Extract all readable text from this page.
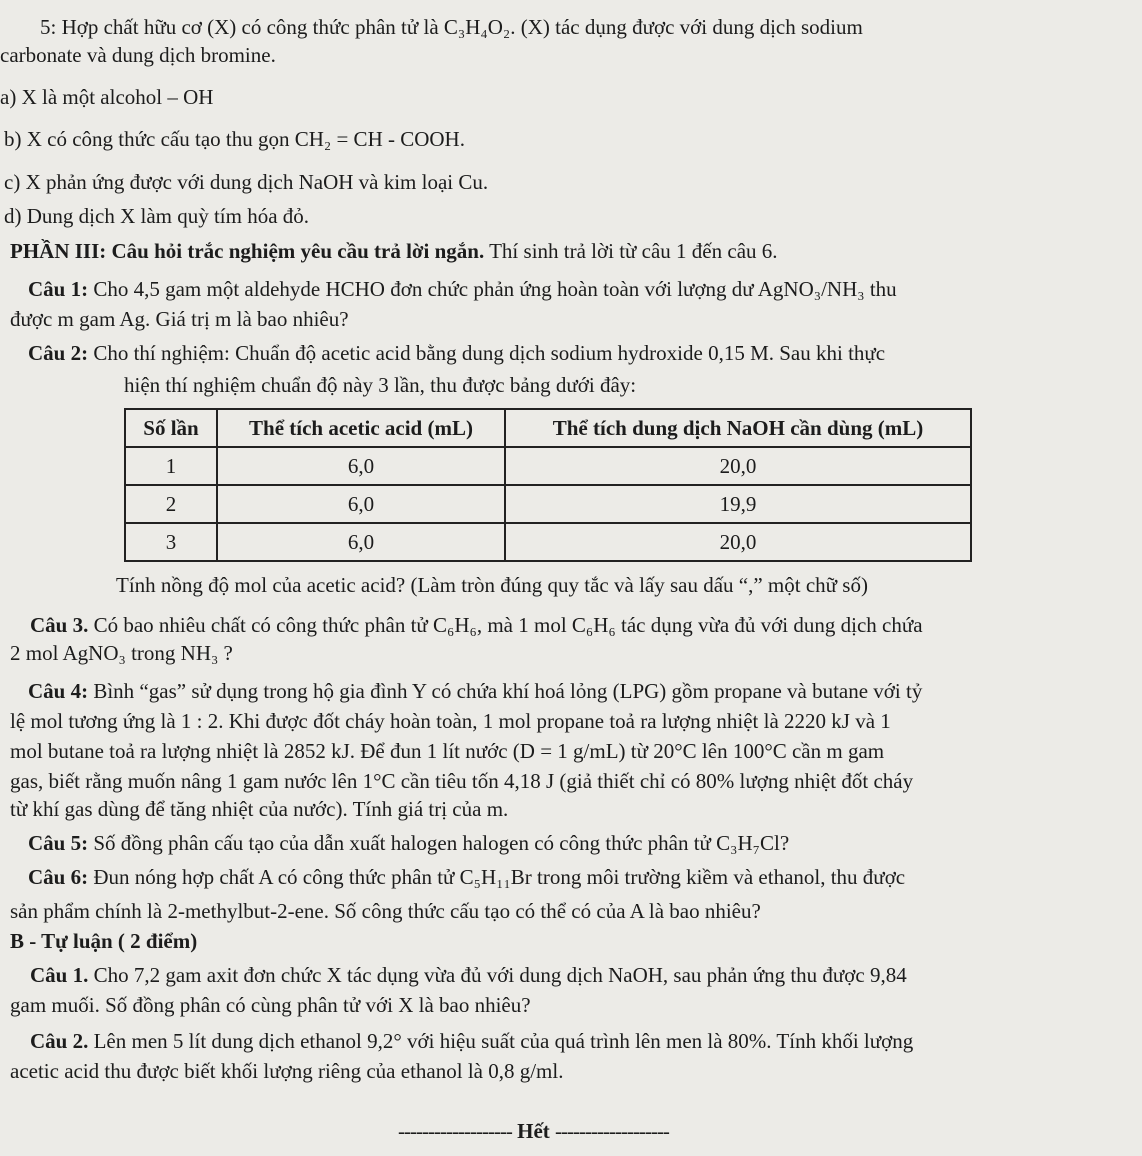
5: Hợp chất hữu cơ (X) có công thức phân tử là C₃H₄O₂. (X) tác dụng được với dung dịch sodium
carbonate và dung dịch bromine.
a) X là một alcohol – OH
b) X có công thức cấu tạo thu gọn CH₂ = CH - COOH.
c) X phản ứng được với dung dịch NaOH và kim loại Cu.
d) Dung dịch X làm quỳ tím hóa đỏ.
PHẦN III: Câu hỏi trắc nghiệm yêu cầu trả lời ngắn. Thí sinh trả lời từ câu 1 đến câu 6.
Câu 1: Cho 4,5 gam một aldehyde HCHO đơn chức phản ứng hoàn toàn với lượng dư AgNO₃/NH₃ thu
được m gam Ag. Giá trị m là bao nhiêu?
Câu 2: Cho thí nghiệm: Chuẩn độ acetic acid bằng dung dịch sodium hydroxide 0,15 M. Sau khi thực
hiện thí nghiệm chuẩn độ này 3 lần, thu được bảng dưới đây:
Số lần	Thể tích acetic acid (mL)	Thể tích dung dịch NaOH cần dùng (mL)
1	6,0	20,0
2	6,0	19,9
3	6,0	20,0
Tính nồng độ mol của acetic acid? (Làm tròn đúng quy tắc và lấy sau dấu “,” một chữ số)
Câu 3. Có bao nhiêu chất có công thức phân tử C₆H₆, mà 1 mol C₆H₆ tác dụng vừa đủ với dung dịch chứa
2 mol AgNO₃ trong NH₃ ?
Câu 4: Bình “gas” sử dụng trong hộ gia đình Y có chứa khí hoá lỏng (LPG) gồm propane và butane với tỷ
lệ mol tương ứng là 1 : 2. Khi được đốt cháy hoàn toàn, 1 mol propane toả ra lượng nhiệt là 2220 kJ và 1
mol butane toả ra lượng nhiệt là 2852 kJ. Để đun 1 lít nước (D = 1 g/mL) từ 20°C lên 100°C cần m gam
gas, biết rằng muốn nâng 1 gam nước lên 1°C cần tiêu tốn 4,18 J (giả thiết chỉ có 80% lượng nhiệt đốt cháy
từ khí gas dùng để tăng nhiệt của nước). Tính giá trị của m.
Câu 5: Số đồng phân cấu tạo của dẫn xuất halogen halogen có công thức phân tử C₃H₇Cl?
Câu 6: Đun nóng hợp chất A có công thức phân tử C₅H₁₁Br trong môi trường kiềm và ethanol, thu được
sản phẩm chính là 2-methylbut-2-ene. Số công thức cấu tạo có thể có của A là bao nhiêu?
B - Tự luận ( 2 điểm)
Câu 1. Cho 7,2 gam axit đơn chức X tác dụng vừa đủ với dung dịch NaOH, sau phản ứng thu được 9,84
gam muối. Số đồng phân có cùng phân tử với X là bao nhiêu?
Câu 2. Lên men 5 lít dung dịch ethanol 9,2° với hiệu suất của quá trình lên men là 80%. Tính khối lượng
acetic acid thu được biết khối lượng riêng của ethanol là 0,8 g/ml.
------------------- Hết -------------------
